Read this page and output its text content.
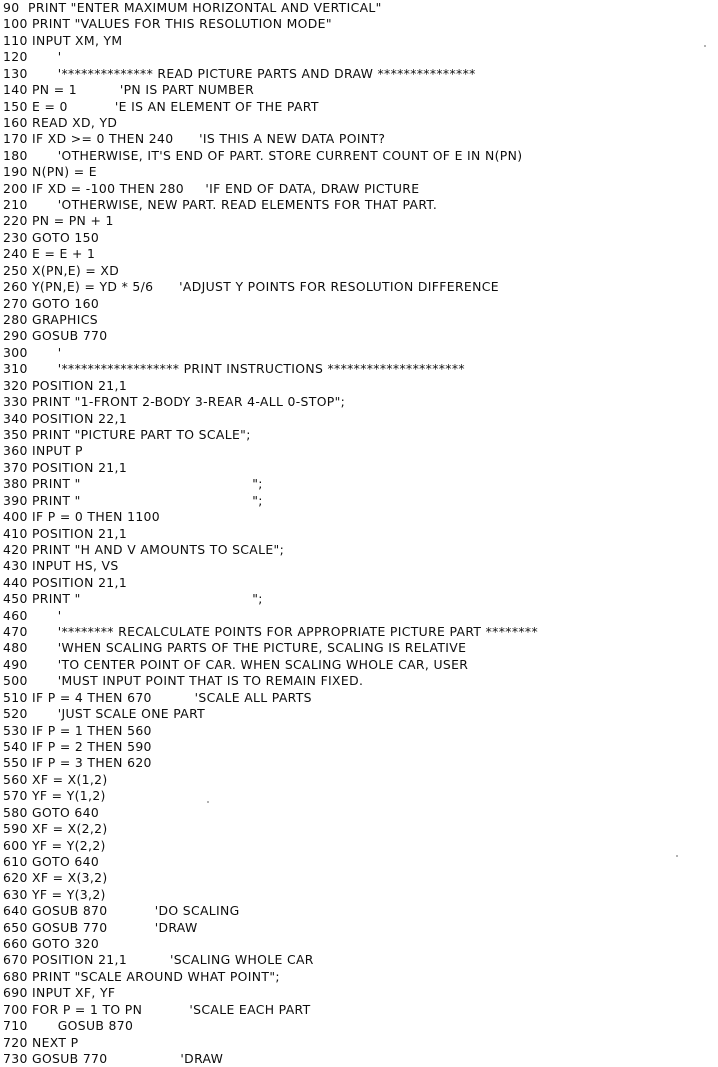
90  PRINT "ENTER MAXIMUM HORIZONTAL AND VERTICAL"
100 PRINT "VALUES FOR THIS RESOLUTION MODE"
110 INPUT XM, YM
120       '
130       '************** READ PICTURE PARTS AND DRAW ***************
140 PN = 1          'PN IS PART NUMBER
150 E = 0           'E IS AN ELEMENT OF THE PART
160 READ XD, YD
170 IF XD >= 0 THEN 240      'IS THIS A NEW DATA POINT?
180       'OTHERWISE, IT'S END OF PART. STORE CURRENT COUNT OF E IN N(PN)
190 N(PN) = E
200 IF XD = -100 THEN 280     'IF END OF DATA, DRAW PICTURE
210       'OTHERWISE, NEW PART. READ ELEMENTS FOR THAT PART.
220 PN = PN + 1
230 GOTO 150
240 E = E + 1
250 X(PN,E) = XD
260 Y(PN,E) = YD * 5/6      'ADJUST Y POINTS FOR RESOLUTION DIFFERENCE
270 GOTO 160
280 GRAPHICS
290 GOSUB 770
300       '
310       '****************** PRINT INSTRUCTIONS *********************
320 POSITION 21,1
330 PRINT "1-FRONT 2-BODY 3-REAR 4-ALL 0-STOP";
340 POSITION 22,1
350 PRINT "PICTURE PART TO SCALE";
360 INPUT P
370 POSITION 21,1
380 PRINT "                                        ";
390 PRINT "                                        ";
400 IF P = 0 THEN 1100
410 POSITION 21,1
420 PRINT "H AND V AMOUNTS TO SCALE";
430 INPUT HS, VS
440 POSITION 21,1
450 PRINT "                                        ";
460       '
470       '******** RECALCULATE POINTS FOR APPROPRIATE PICTURE PART ********
480       'WHEN SCALING PARTS OF THE PICTURE, SCALING IS RELATIVE
490       'TO CENTER POINT OF CAR. WHEN SCALING WHOLE CAR, USER
500       'MUST INPUT POINT THAT IS TO REMAIN FIXED.
510 IF P = 4 THEN 670          'SCALE ALL PARTS
520       'JUST SCALE ONE PART
530 IF P = 1 THEN 560
540 IF P = 2 THEN 590
550 IF P = 3 THEN 620
560 XF = X(1,2)
570 YF = Y(1,2)
580 GOTO 640
590 XF = X(2,2)
600 YF = Y(2,2)
610 GOTO 640
620 XF = X(3,2)
630 YF = Y(3,2)
640 GOSUB 870           'DO SCALING
650 GOSUB 770           'DRAW
660 GOTO 320
670 POSITION 21,1          'SCALING WHOLE CAR
680 PRINT "SCALE AROUND WHAT POINT";
690 INPUT XF, YF
700 FOR P = 1 TO PN           'SCALE EACH PART
710       GOSUB 870
720 NEXT P
730 GOSUB 770                 'DRAW
